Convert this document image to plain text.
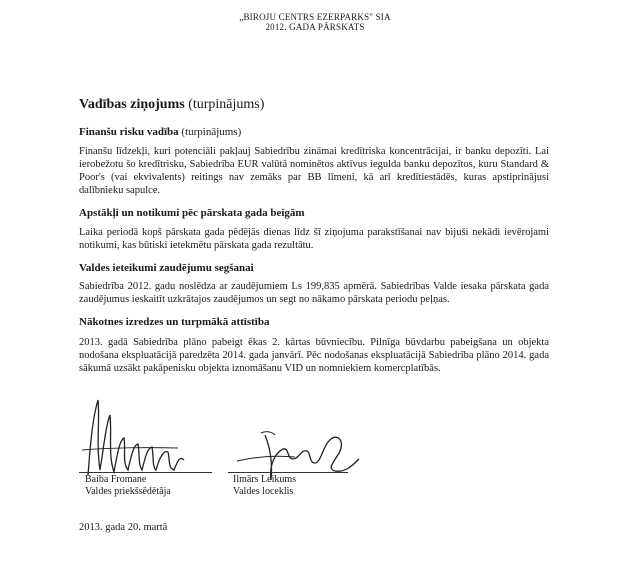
„BIROJU CENTRS EZERPARKS" SIA
2012. GADA PĀRSKATS
Vadības ziņojums (turpinājums)
Finanšu risku vadība (turpinājums)
Finanšu līdzekļi, kuri potenciāli pakļauj Sabiedrību zināmai kredītriska koncentrācijai, ir banku depozīti. Lai ierobežotu šo kredītrisku, Sabiedrība EUR valūtā nominētos aktīvus iegulda banku depozītos, kuru Standard & Poor's (vai ekvivalents) reitings nav zemāks par BB līmeni, kā arī kredītiestādēs, kuras apstiprinājusi dalībnieku sapulce.
Apstākļi un notikumi pēc pārskata gada beigām
Laika periodā kopš pārskata gada pēdējās dienas līdz šī ziņojuma parakstīšanai nav bijuši nekādi ievērojami notikumi, kas būtiski ietekmētu pārskata gada rezultātu.
Valdes ieteikumi zaudējumu segšanai
Sabiedrība 2012. gadu noslēdza ar zaudējumiem Ls 199,835 apmērā. Sabiedrības Valde iesaka pārskata gada zaudējumus ieskaitīt uzkrātajos zaudējumos un segt no nākamo pārskata periodu peļņas.
Nākotnes izredzes un turpmākā attīstība
2013. gadā Sabiedrība plāno pabeigt ēkas 2. kārtas būvniecību. Pilnīga būvdarbu pabeigšana un objekta nodošana ekspluatācijā paredzēta 2014. gada janvārī. Pēc nodošanas ekspluatācijā Sabiedrība plāno 2014. gada sākumā uzsākt pakāpenisku objekta iznomāšanu VID un nomniekiem komercplatībās.
Baiba Fromane
Valdes priekšsēdētāja
Ilmārs Leikums
Valdes loceklis
2013. gada 20. martā
